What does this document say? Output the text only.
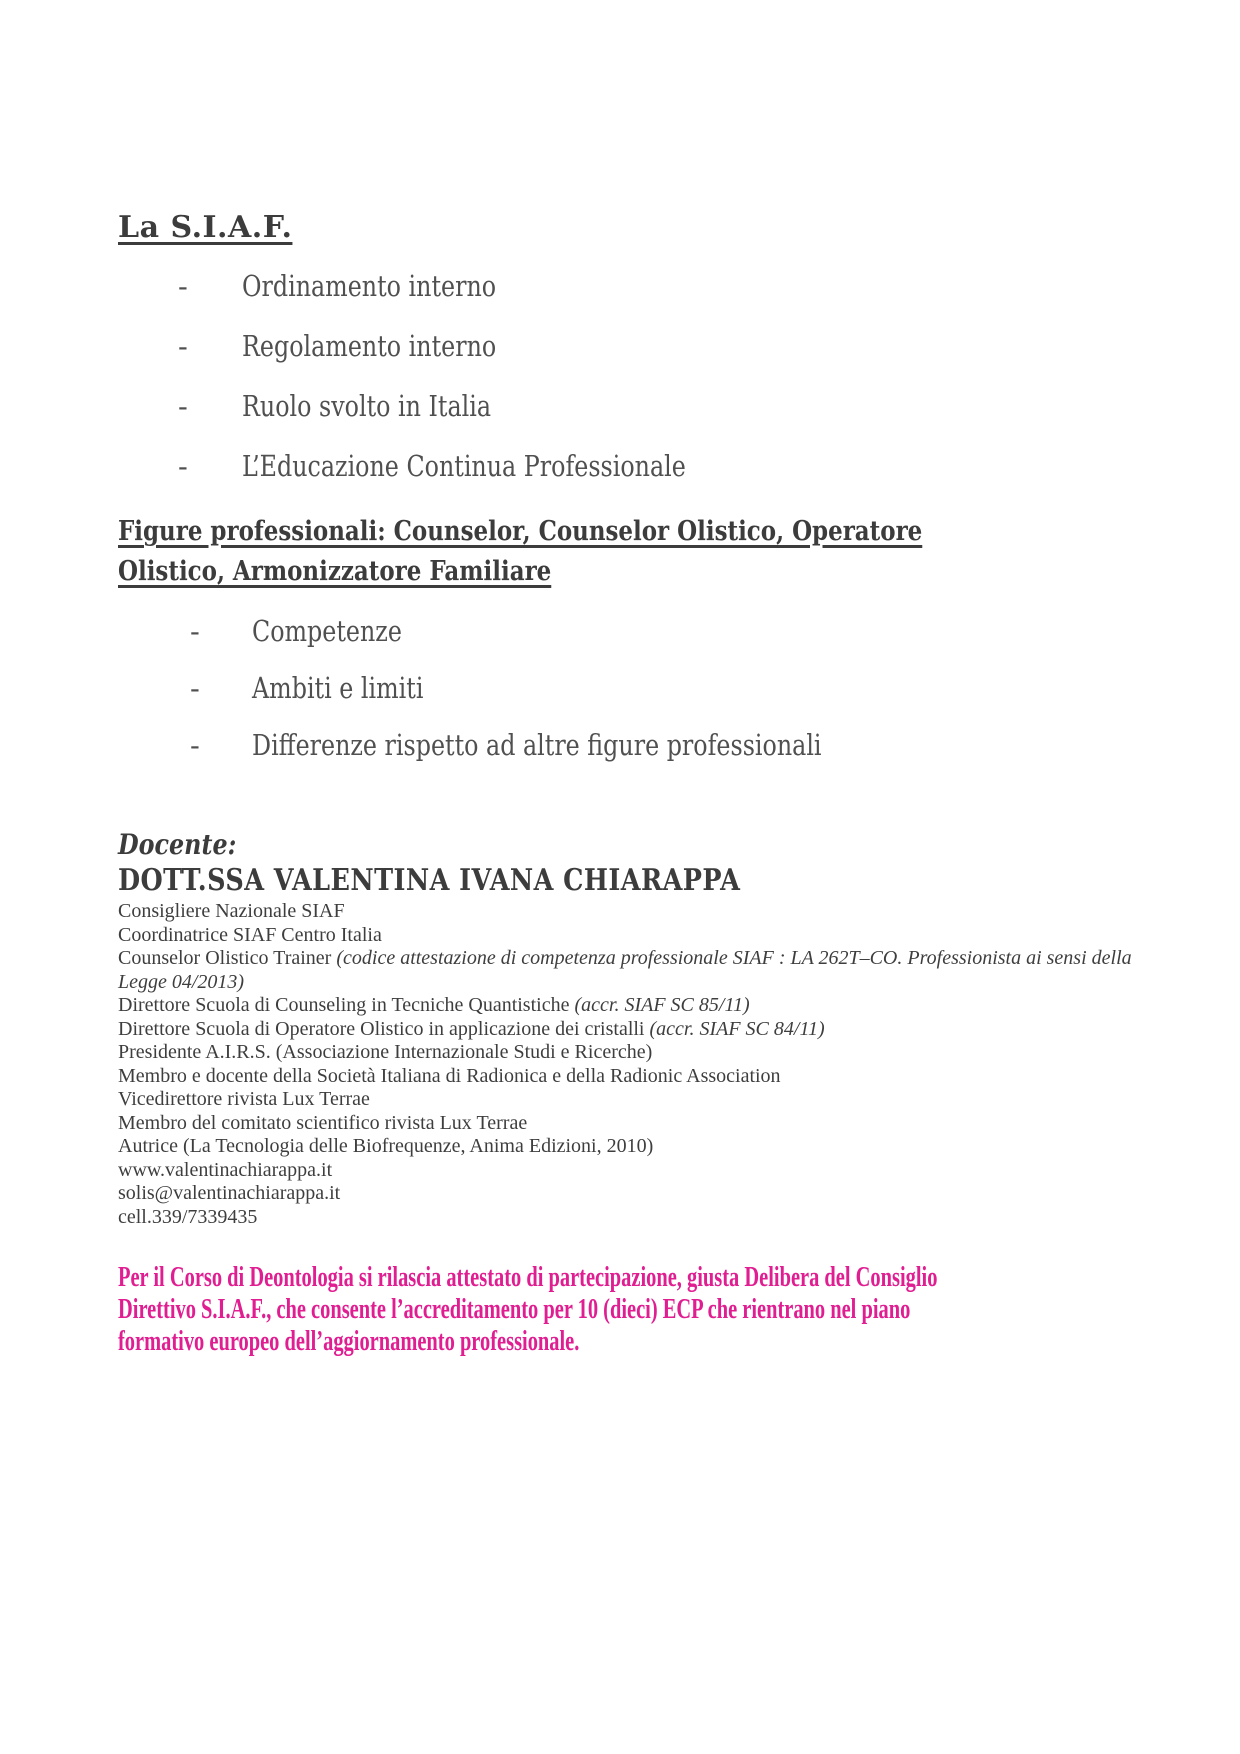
La S.I.A.F.
-	Ordinamento interno
-	Regolamento interno
-	Ruolo svolto in Italia
-	L’Educazione Continua Professionale
Figure professionali: Counselor, Counselor Olistico, Operatore Olistico, Armonizzatore Familiare
-	Competenze
-	Ambiti e limiti
-	Differenze rispetto ad altre figure professionali

Docente:

DOTT.SSA VALENTINA IVANA CHIARAPPA

Consigliere Nazionale SIAF

Coordinatrice SIAF Centro Italia

Counselor Olistico Trainer (codice attestazione di competenza professionale SIAF : LA 262T–CO. Professionista ai sensi della Legge 04/2013)

Direttore Scuola di Counseling in Tecniche Quantistiche (accr. SIAF SC 85/11)

Direttore Scuola di Operatore Olistico in applicazione dei cristalli (accr. SIAF SC 84/11)

Presidente A.I.R.S. (Associazione Internazionale Studi e Ricerche)

Membro e docente della Società Italiana di Radionica e della Radionic Association

Vicedirettore rivista Lux Terrae

Membro del comitato scientifico rivista Lux Terrae

Autrice (La Tecnologia delle Biofrequenze, Anima Edizioni, 2010)

www.valentinachiarappa.it

solis@valentinachiarappa.it

cell.339/7339435

Per il Corso di Deontologia si rilascia attestato di partecipazione, giusta Delibera del Consiglio
Direttivo S.I.A.F., che consente l’accreditamento per 10 (dieci) ECP che rientrano nel piano
formativo europeo dell’aggiornamento professionale.
